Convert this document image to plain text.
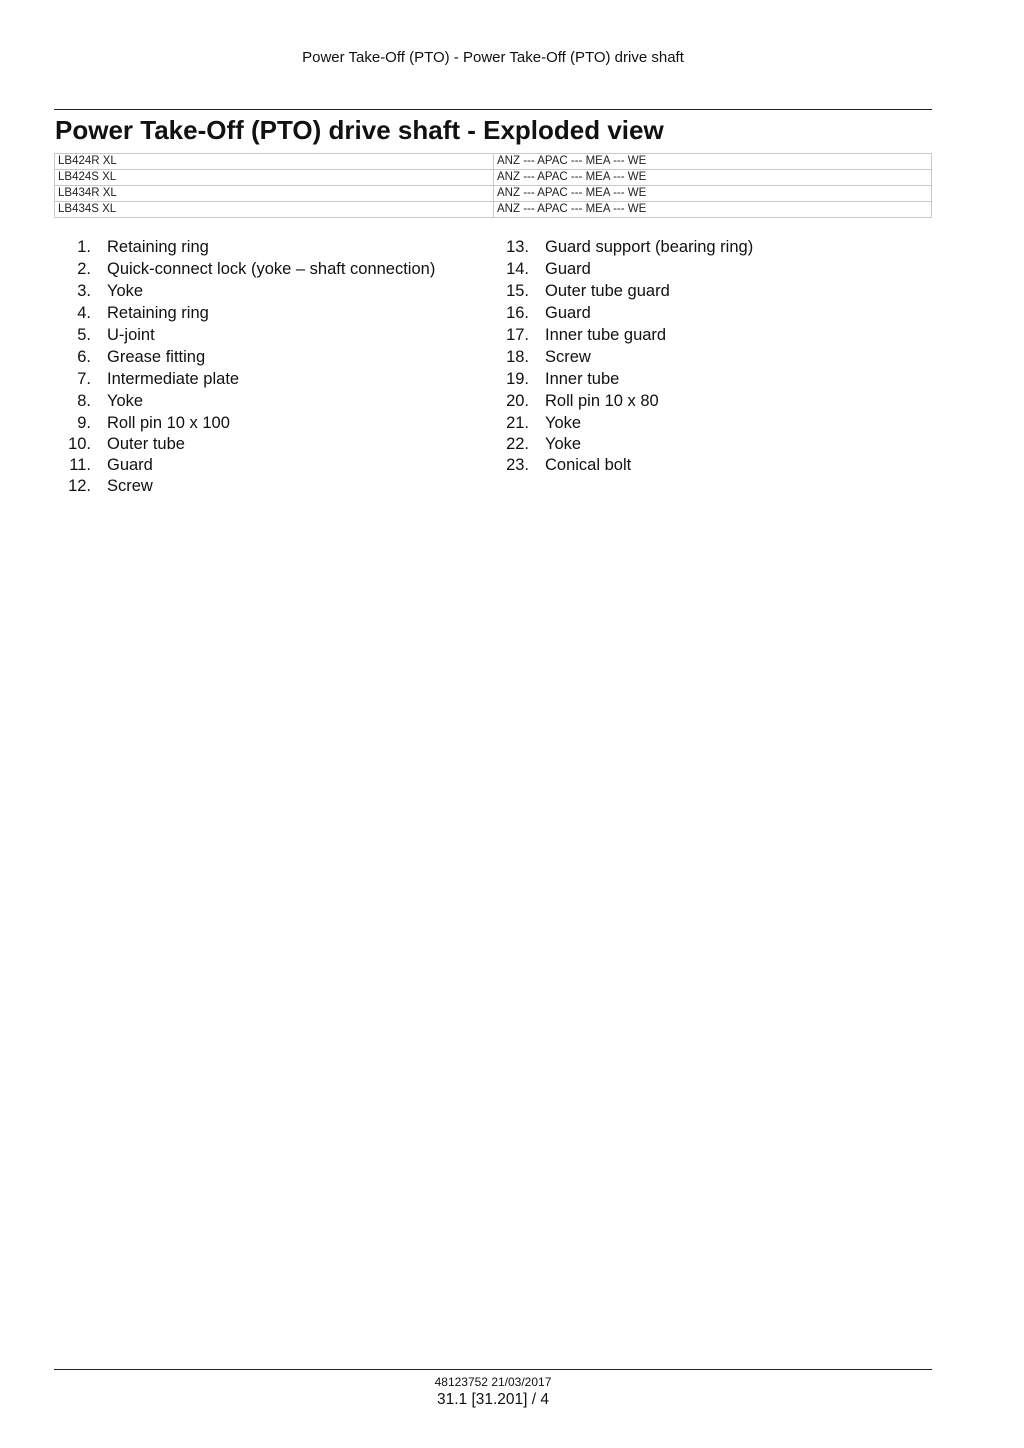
Power Take-Off (PTO) - Power Take-Off (PTO) drive shaft
Power Take-Off (PTO) drive shaft - Exploded view
LB424R XL	ANZ --- APAC --- MEA --- WE
LB424S XL	ANZ --- APAC --- MEA --- WE
LB434R XL	ANZ --- APAC --- MEA --- WE
LB434S XL	ANZ --- APAC --- MEA --- WE
1. Retaining ring
2. Quick-connect lock (yoke – shaft connection)
3. Yoke
4. Retaining ring
5. U-joint
6. Grease fitting
7. Intermediate plate
8. Yoke
9. Roll pin 10 x 100
10. Outer tube
11. Guard
12. Screw
13. Guard support (bearing ring)
14. Guard
15. Outer tube guard
16. Guard
17. Inner tube guard
18. Screw
19. Inner tube
20. Roll pin 10 x 80
21. Yoke
22. Yoke
23. Conical bolt
48123752 21/03/2017
31.1 [31.201] / 4
